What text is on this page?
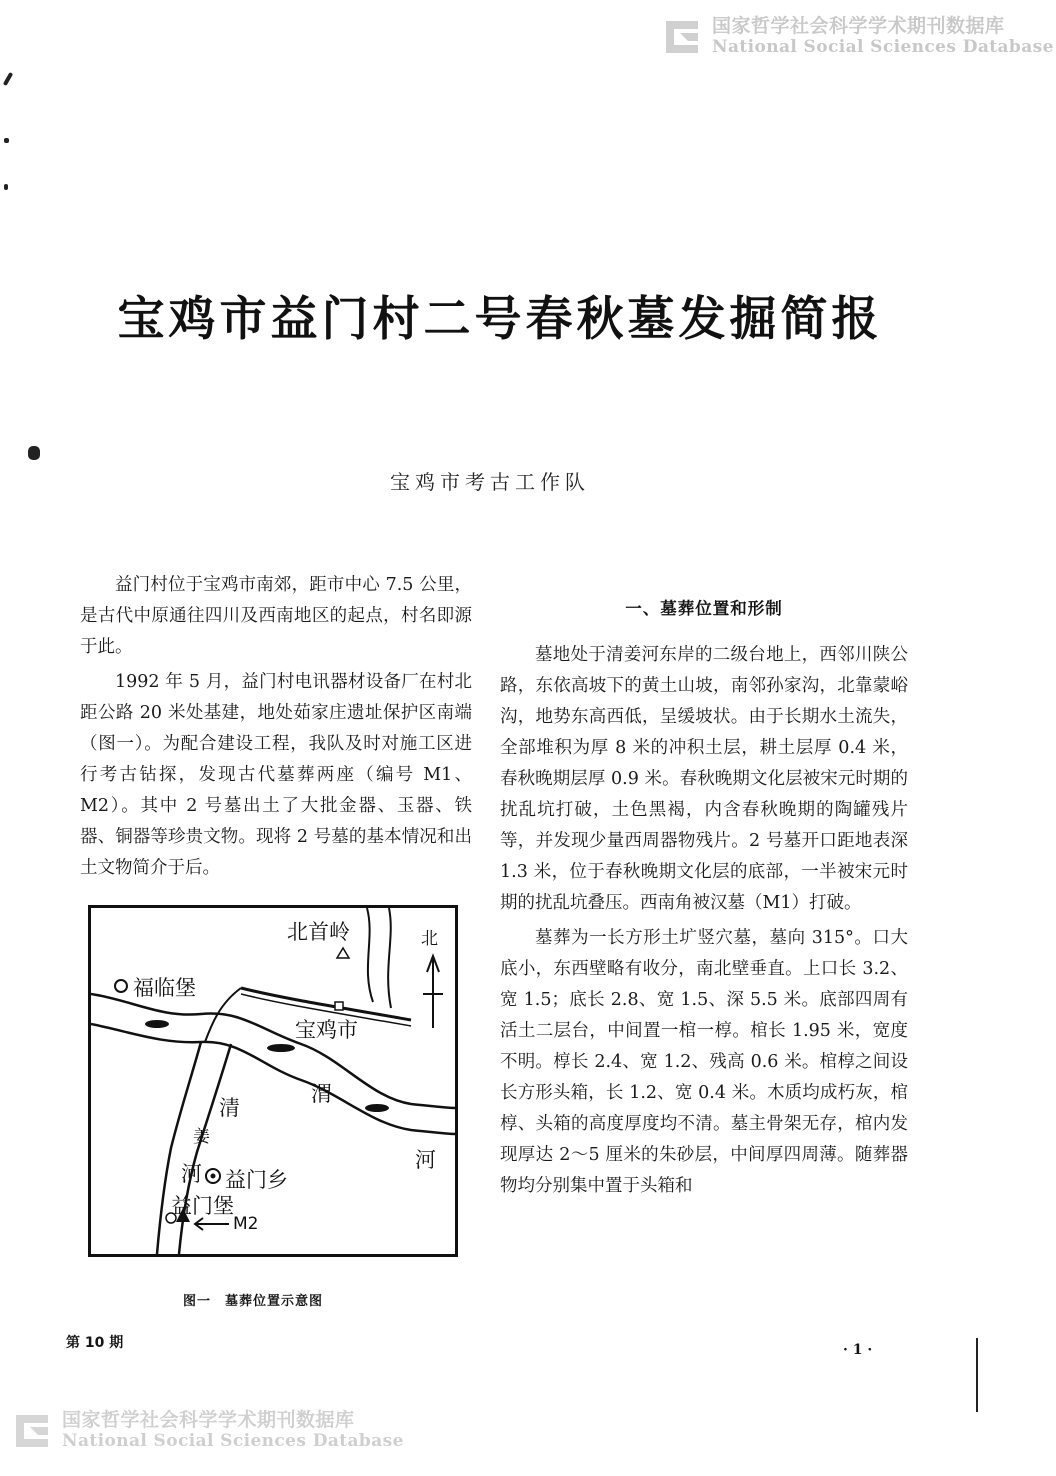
国家哲学社会科学学术期刊数据库
National Social Sciences Database
宝鸡市益门村二号春秋墓发掘简报
宝鸡市考古工作队

益门村位于宝鸡市南郊，距市中心 7.5 公里，是古代中原通往四川及西南地区的起点，村名即源于此。

1992 年 5 月，益门村电讯器材设备厂在村北距公路 20 米处基建，地处茹家庄遗址保护区南端（图一）。为配合建设工程，我队及时对施工区进行考古钻探，发现古代墓葬两座（编号 M1、M2）。其中 2 号墓出土了大批金器、玉器、铁器、铜器等珍贵文物。现将 2 号墓的基本情况和出土文物简介于后。

一、墓葬位置和形制

墓地处于清姜河东岸的二级台地上，西邻川陕公路，东依高坡下的黄土山坡，南邻孙家沟，北靠蒙峪沟，地势东高西低，呈缓坡状。由于长期水土流失，全部堆积为厚 8 米的冲积土层，耕土层厚 0.4 米，春秋晚期层厚 0.9 米。春秋晚期文化层被宋元时期的扰乱坑打破，土色黑褐，内含春秋晚期的陶罐残片等，并发现少量西周器物残片。2 号墓开口距地表深 1.3 米，位于春秋晚期文化层的底部，一半被宋元时期的扰乱坑叠压。西南角被汉墓（M1）打破。

墓葬为一长方形土圹竖穴墓，墓向 315°。口大底小，东西壁略有收分，南北壁垂直。上口长 3.2、宽 1.5；底长 2.8、宽 1.5、深 5.5 米。底部四周有活土二层台，中间置一棺一椁。棺长 1.95 米，宽度不明。椁长 2.4、宽 1.2、残高 0.6 米。棺椁之间设长方形头箱，长 1.2、宽 0.4 米。木质均成朽灰，棺椁、头箱的高度厚度均不清。墓主骨架无存，棺内发现厚达 2～5 厘米的朱砂层，中间厚四周薄。随葬器物均分别集中置于头箱和

北首岭	北
福临堡
宝鸡市
清
渭
姜
河
河
益门乡
益门堡
M2
图一　墓葬位置示意图
第 10 期	· 1 ·
国家哲学社会科学学术期刊数据库
National Social Sciences Database
